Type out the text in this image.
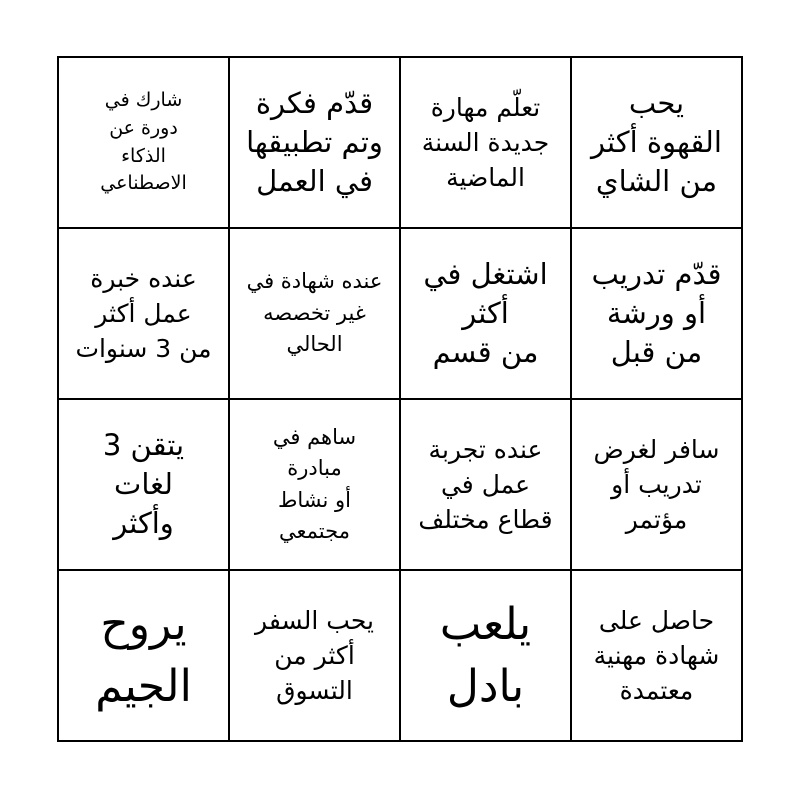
شارك في
دورة عن
الذكاء
الاصطناعي
قدّم فكرة
وتم تطبيقها
في العمل
تعلّم مهارة
جديدة السنة
الماضية
يحب
القهوة أكثر
من الشاي
عنده خبرة
عمل أكثر
من 3 سنوات
عنده شهادة في
غير تخصصه
الحالي
اشتغل في
أكثر
من قسم
قدّم تدريب
أو ورشة
من قبل
يتقن 3
لغات
وأكثر
ساهم في
مبادرة
أو نشاط
مجتمعي
عنده تجربة
عمل في
قطاع مختلف
سافر لغرض
تدريب أو
مؤتمر
يروح
الجيم
يحب السفر
أكثر من
التسوق
يلعب
بادل
حاصل على
شهادة مهنية
معتمدة
